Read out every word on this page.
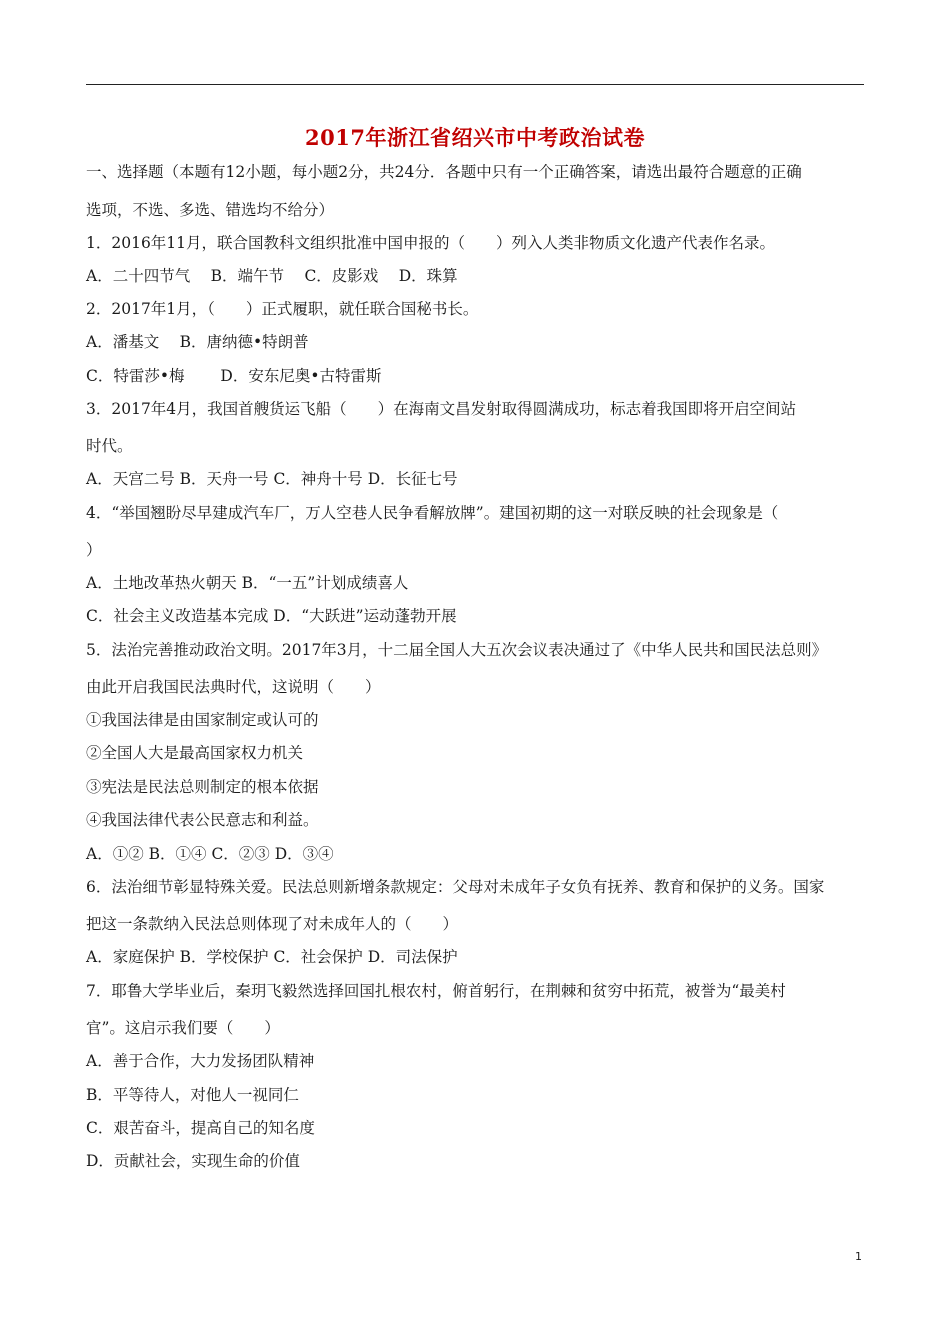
2017年浙江省绍兴市中考政治试卷
一、选择题（本题有12小题，每小题2分，共24分．各题中只有一个正确答案，请选出最符合题意的正确
选项，不选、多选、错选均不给分）
1．2016年11月，联合国教科文组织批准中国申报的（　　）列入人类非物质文化遗产代表作名录。
A．二十四节气　 B．端午节　 C．皮影戏　 D．珠算
2．2017年1月，（　　）正式履职，就任联合国秘书长。
A．潘基文　 B．唐纳德•特朗普
C．特雷莎•梅　　 D．安东尼奥•古特雷斯
3．2017年4月，我国首艘货运飞船（　　）在海南文昌发射取得圆满成功，标志着我国即将开启空间站
时代。
A．天宫二号 B．天舟一号 C．神舟十号 D．长征七号
4．“举国翘盼尽早建成汽车厂，万人空巷人民争看解放牌”。建国初期的这一对联反映的社会现象是（
）
A．土地改革热火朝天 B．“一五”计划成绩喜人
C．社会主义改造基本完成 D．“大跃进”运动蓬勃开展
5．法治完善推动政治文明。2017年3月，十二届全国人大五次会议表决通过了《中华人民共和国民法总则》
由此开启我国民法典时代，这说明（　　）
①我国法律是由国家制定或认可的
②全国人大是最高国家权力机关
③宪法是民法总则制定的根本依据
④我国法律代表公民意志和利益。
A．①② B．①④ C．②③ D．③④
6．法治细节彰显特殊关爱。民法总则新增条款规定：父母对未成年子女负有抚养、教育和保护的义务。国家
把这一条款纳入民法总则体现了对未成年人的（　　）
A．家庭保护 B．学校保护 C．社会保护 D．司法保护
7．耶鲁大学毕业后，秦玥飞毅然选择回国扎根农村，俯首躬行，在荆棘和贫穷中拓荒，被誉为“最美村
官”。这启示我们要（　　）
A．善于合作，大力发扬团队精神
B．平等待人，对他人一视同仁
C．艰苦奋斗，提高自己的知名度
D．贡献社会，实现生命的价值
1
